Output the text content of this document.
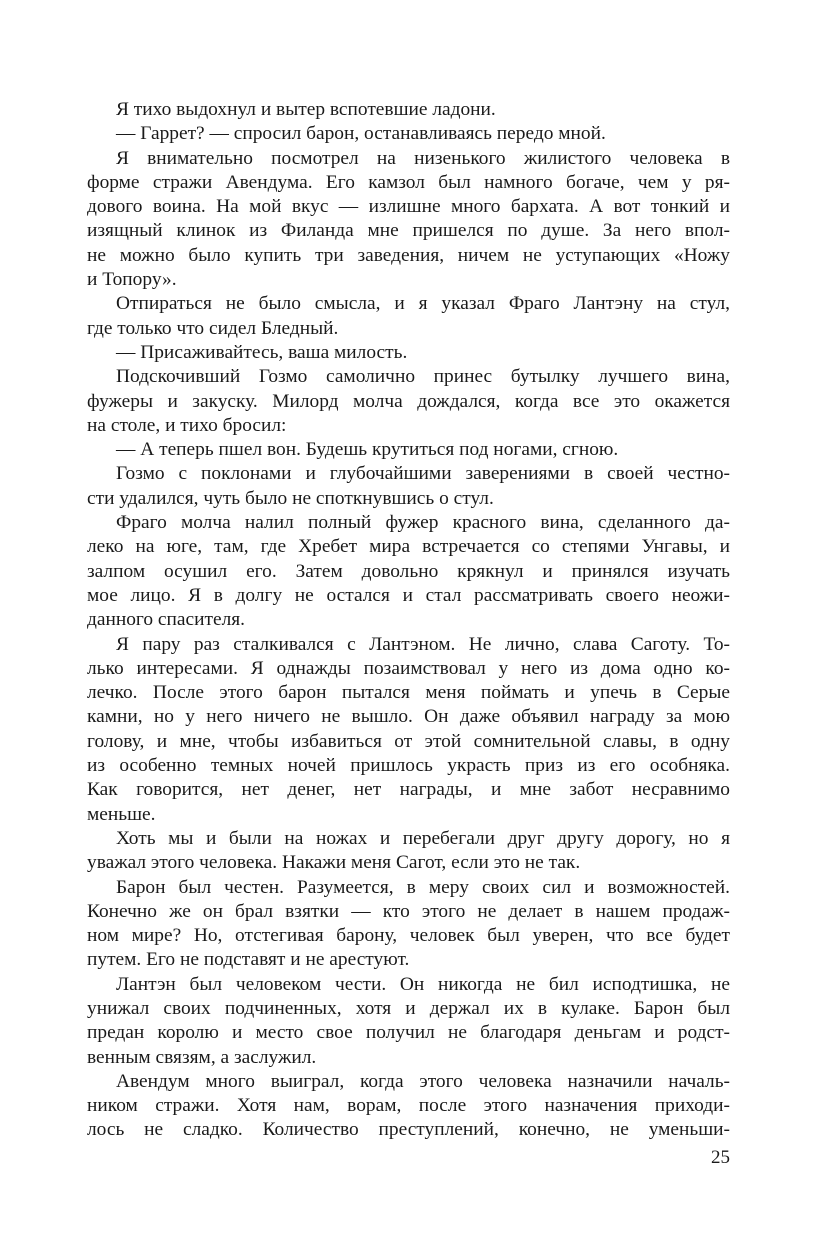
Я тихо выдохнул и вытер вспотевшие ладони.

— Гаррет? — спросил барон, останавливаясь передо мной.

Я внимательно посмотрел на низенького жилистого человека в
форме стражи Авендума. Его камзол был намного богаче, чем у ря-
дового воина. На мой вкус — излишне много бархата. А вот тонкий и
изящный клинок из Филанда мне пришелся по душе. За него впол-
не можно было купить три заведения, ничем не уступающих «Ножу
и Топору».

Отпираться не было смысла, и я указал Фраго Лантэну на стул,
где только что сидел Бледный.

— Присаживайтесь, ваша милость.

Подскочивший Гозмо самолично принес бутылку лучшего вина,
фужеры и закуску. Милорд молча дождался, когда все это окажется
на столе, и тихо бросил:

— А теперь пшел вон. Будешь крутиться под ногами, сгною.

Гозмо с поклонами и глубочайшими заверениями в своей честно-
сти удалился, чуть было не споткнувшись о стул.

Фраго молча налил полный фужер красного вина, сделанного да-
леко на юге, там, где Хребет мира встречается со степями Унгавы, и
залпом осушил его. Затем довольно крякнул и принялся изучать
мое лицо. Я в долгу не остался и стал рассматривать своего неожи-
данного спасителя.

Я пару раз сталкивался с Лантэном. Не лично, слава Саготу. То-
лько интересами. Я однажды позаимствовал у него из дома одно ко-
лечко. После этого барон пытался меня поймать и упечь в Серые
камни, но у него ничего не вышло. Он даже объявил награду за мою
голову, и мне, чтобы избавиться от этой сомнительной славы, в одну
из особенно темных ночей пришлось украсть приз из его особняка.
Как говорится, нет денег, нет награды, и мне забот несравнимо
меньше.

Хоть мы и были на ножах и перебегали друг другу дорогу, но я
уважал этого человека. Накажи меня Сагот, если это не так.

Барон был честен. Разумеется, в меру своих сил и возможностей.
Конечно же он брал взятки — кто этого не делает в нашем продаж-
ном мире? Но, отстегивая барону, человек был уверен, что все будет
путем. Его не подставят и не арестуют.

Лантэн был человеком чести. Он никогда не бил исподтишка, не
унижал своих подчиненных, хотя и держал их в кулаке. Барон был
предан королю и место свое получил не благодаря деньгам и родст-
венным связям, а заслужил.

Авендум много выиграл, когда этого человека назначили началь-
ником стражи. Хотя нам, ворам, после этого назначения приходи-
лось не сладко. Количество преступлений, конечно, не уменьши-

25
